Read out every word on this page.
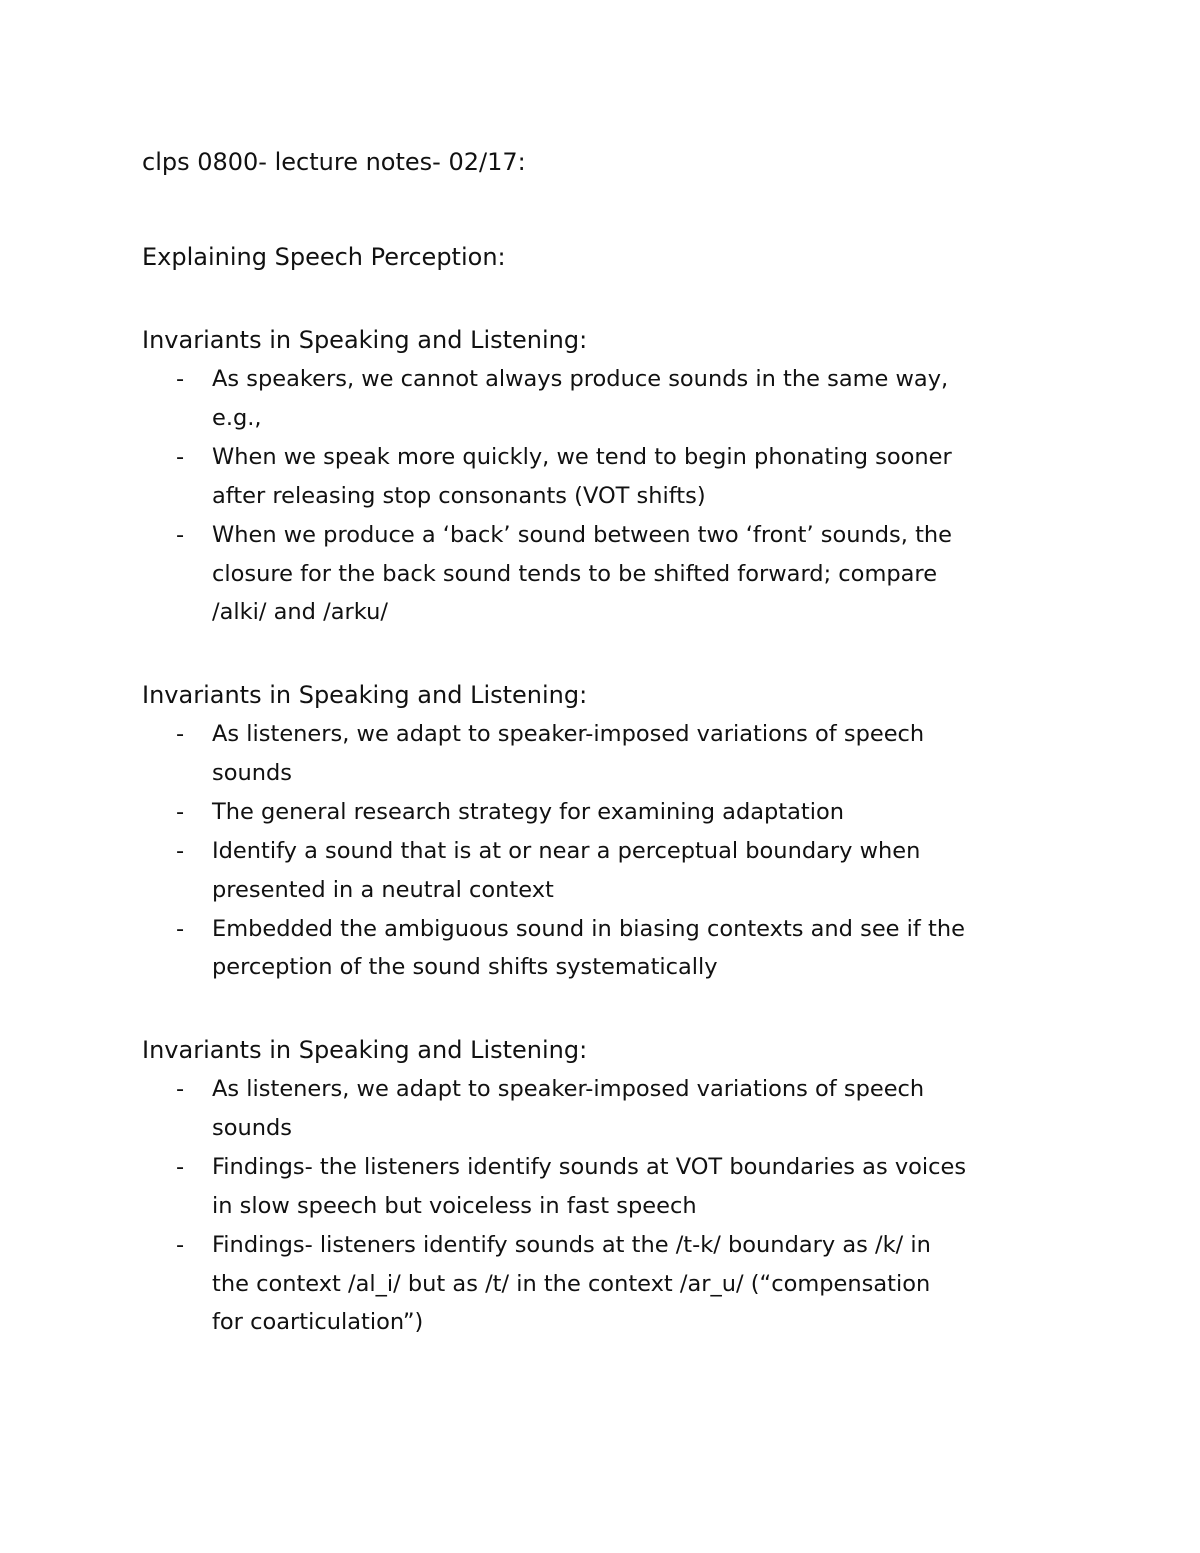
clps 0800- lecture notes- 02/17:
Explaining Speech Perception:
Invariants in Speaking and Listening:
- As speakers, we cannot always produce sounds in the same way,
e.g.,
- When we speak more quickly, we tend to begin phonating sooner
after releasing stop consonants (VOT shifts)
- When we produce a ‘back’ sound between two ‘front’ sounds, the
closure for the back sound tends to be shifted forward; compare
/alki/ and /arku/
Invariants in Speaking and Listening:
- As listeners, we adapt to speaker-imposed variations of speech
sounds
- The general research strategy for examining adaptation
- Identify a sound that is at or near a perceptual boundary when
presented in a neutral context
- Embedded the ambiguous sound in biasing contexts and see if the
perception of the sound shifts systematically
Invariants in Speaking and Listening:
- As listeners, we adapt to speaker-imposed variations of speech
sounds
- Findings- the listeners identify sounds at VOT boundaries as voices
in slow speech but voiceless in fast speech
- Findings- listeners identify sounds at the /t-k/ boundary as /k/ in
the context /al_i/ but as /t/ in the context /ar_u/ (“compensation
for coarticulation”)
